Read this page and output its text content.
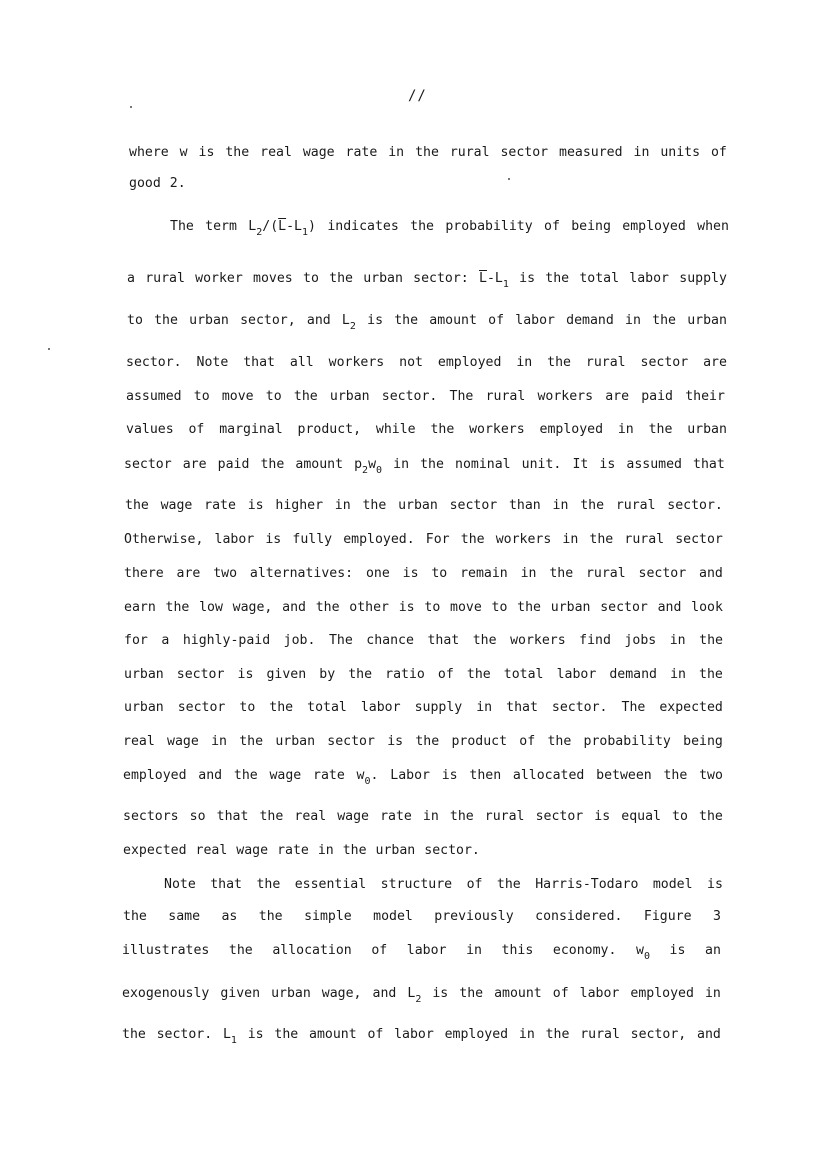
//
where w is the real wage rate in the rural sector measured in units of
good 2.
The term $L_2/(\overline{L}-L_1)$ indicates the probability of being employed when
a rural worker moves to the urban sector: $\overline{L}-L_1$ is the total labor supply
to the urban sector, and $L_2$ is the amount of labor demand in the urban
sector. Note that all workers not employed in the rural sector are
assumed to move to the urban sector. The rural workers are paid their
values of marginal product, while the workers employed in the urban
sector are paid the amount $p_2w_0$ in the nominal unit. It is assumed that
the wage rate is higher in the urban sector than in the rural sector.
Otherwise, labor is fully employed. For the workers in the rural sector
there are two alternatives: one is to remain in the rural sector and
earn the low wage, and the other is to move to the urban sector and look
for a highly-paid job. The chance that the workers find jobs in the
urban sector is given by the ratio of the total labor demand in the
urban sector to the total labor supply in that sector. The expected
real wage in the urban sector is the product of the probability being
employed and the wage rate $w_0$. Labor is then allocated between the two
sectors so that the real wage rate in the rural sector is equal to the
expected real wage rate in the urban sector.
Note that the essential structure of the Harris-Todaro model is
the same as the simple model previously considered. Figure 3
illustrates the allocation of labor in this economy. $w_0$ is an
exogenously given urban wage, and $L_2$ is the amount of labor employed in
the sector. $L_1$ is the amount of labor employed in the rural sector, and
